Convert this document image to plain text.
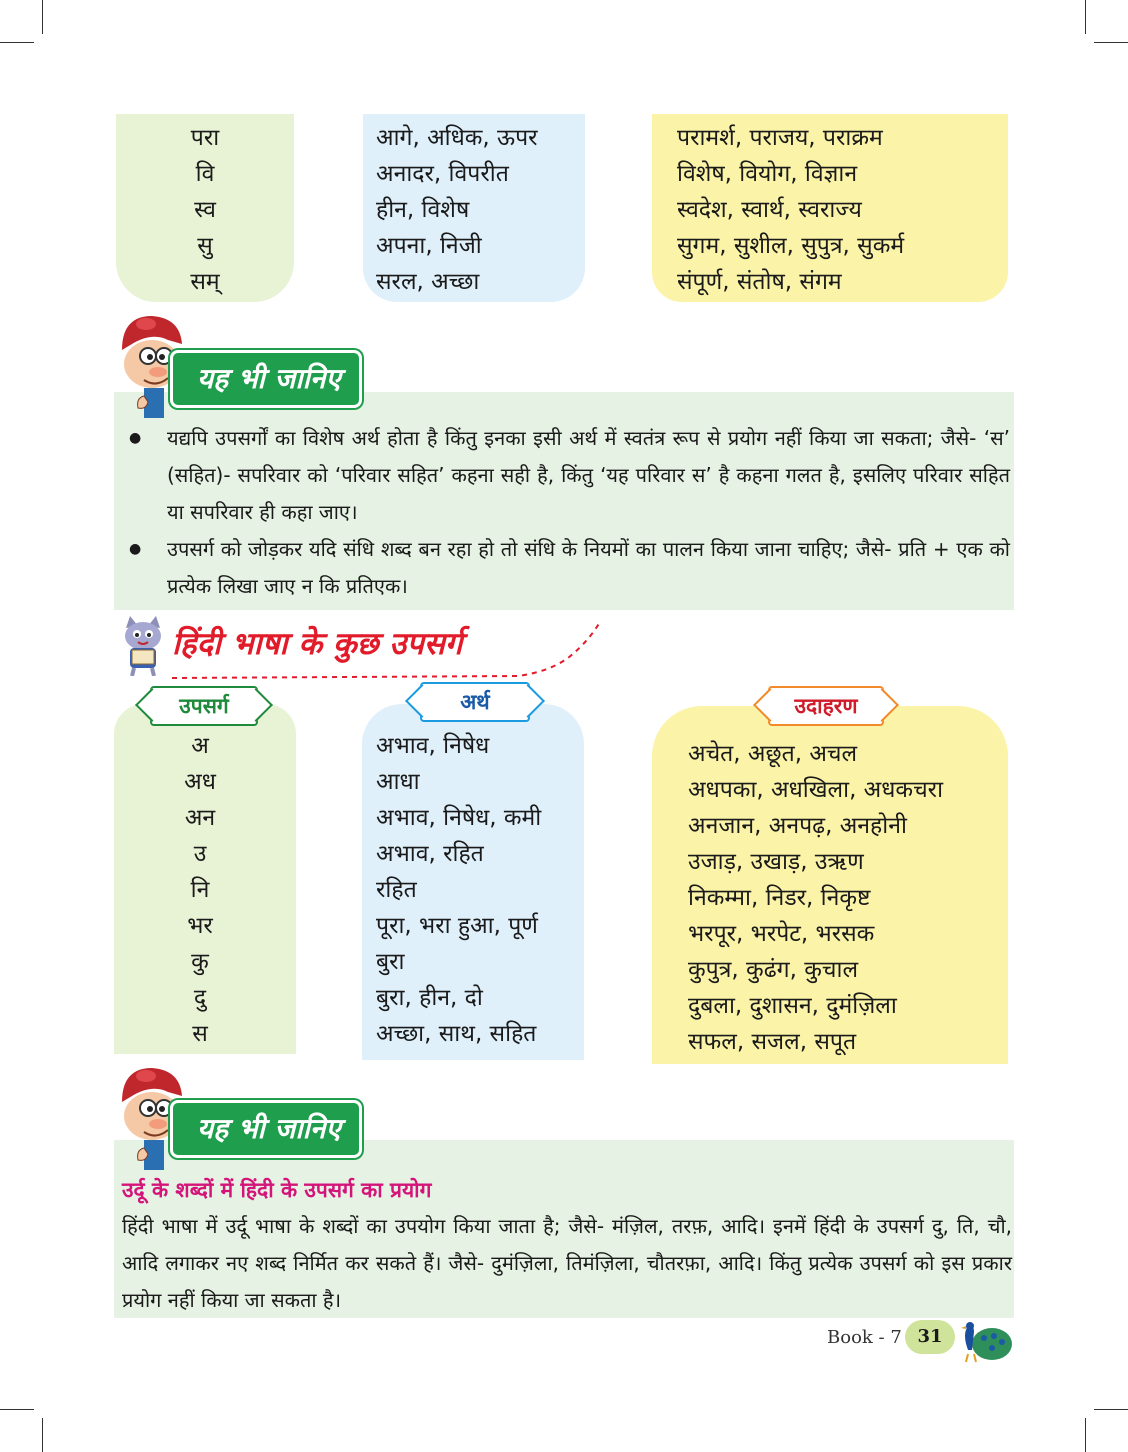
परा
वि
स्व
सु
सम्
आगे, अधिक, ऊपर
अनादर, विपरीत
हीन, विशेष
अपना, निजी
सरल, अच्छा
परामर्श, पराजय, पराक्रम
विशेष, वियोग, विज्ञान
स्वदेश, स्वार्थ, स्वराज्य
सुगम, सुशील, सुपुत्र, सुकर्म
संपूर्ण, संतोष, संगम
यह भी जानिए
● यद्यपि उपसर्गों का विशेष अर्थ होता है किंतु इनका इसी अर्थ में स्वतंत्र रूप से प्रयोग नहीं किया जा सकता; जैसे- ‘स’ (सहित)- सपरिवार को ‘परिवार सहित’ कहना सही है, किंतु ‘यह परिवार स’ है कहना गलत है, इसलिए परिवार सहित या सपरिवार ही कहा जाए।
● उपसर्ग को जोड़कर यदि संधि शब्द बन रहा हो तो संधि के नियमों का पालन किया जाना चाहिए; जैसे- प्रति + एक को प्रत्येक लिखा जाए न कि प्रतिएक।
हिंदी भाषा के कुछ उपसर्ग
उपसर्ग
अ
अध
अन
उ
नि
भर
कु
दु
स
अर्थ
अभाव, निषेध
आधा
अभाव, निषेध, कमी
अभाव, रहित
रहित
पूरा, भरा हुआ, पूर्ण
बुरा
बुरा, हीन, दो
अच्छा, साथ, सहित
उदाहरण
अचेत, अछूत, अचल
अधपका, अधखिला, अधकचरा
अनजान, अनपढ़, अनहोनी
उजाड़, उखाड़, उऋण
निकम्मा, निडर, निकृष्ट
भरपूर, भरपेट, भरसक
कुपुत्र, कुढंग, कुचाल
दुबला, दुशासन, दुमंज़िला
सफल, सजल, सपूत
यह भी जानिए
उर्दू के शब्दों में हिंदी के उपसर्ग का प्रयोग

हिंदी भाषा में उर्दू भाषा के शब्दों का उपयोग किया जाता है; जैसे- मंज़िल, तरफ़, आदि। इनमें हिंदी के उपसर्ग दु, ति, चौ, आदि लगाकर नए शब्द निर्मित कर सकते हैं। जैसे- दुमंज़िला, तिमंज़िला, चौतरफ़ा, आदि। किंतु प्रत्येक उपसर्ग को इस प्रकार प्रयोग नहीं किया जा सकता है।

Book - 7 31
